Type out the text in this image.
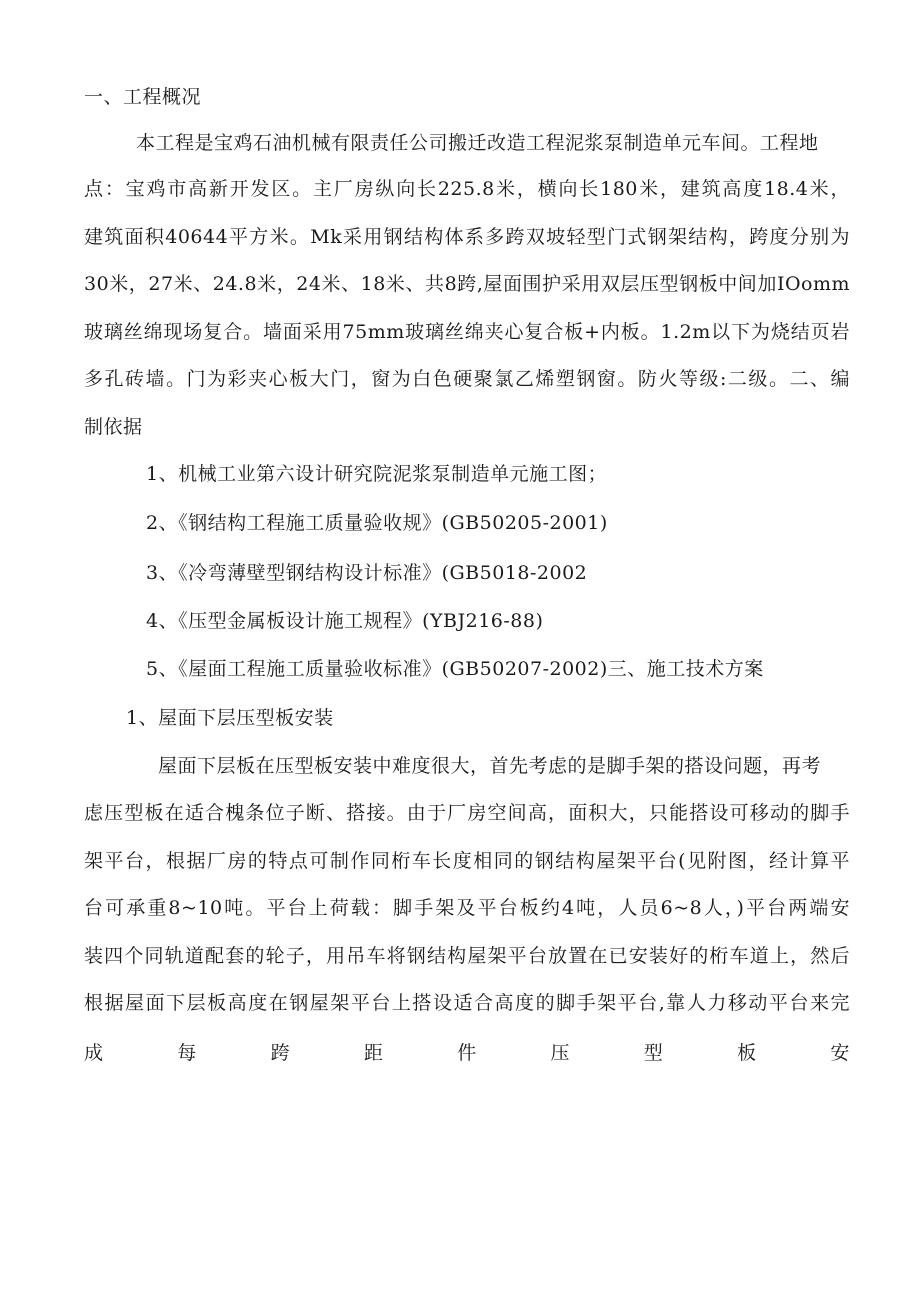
一、工程概况
本工程是宝鸡石油机械有限责任公司搬迁改造工程泥浆泵制造单元车间。工程地
点：宝鸡市高新开发区。主厂房纵向长225.8米，横向长180米，建筑高度18.4米，
建筑面积40644平方米。Mk采用钢结构体系多跨双坡轻型门式钢架结构，跨度分别为
30米，27米、24.8米，24米、18米、共8跨,屋面围护采用双层压型钢板中间加IOomm
玻璃丝绵现场复合。墙面采用75mm玻璃丝绵夹心复合板+内板。1.2m以下为烧结页岩
多孔砖墙。门为彩夹心板大门，窗为白色硬聚氯乙烯塑钢窗。防火等级:二级。二、编
制依据
1、机械工业第六设计研究院泥浆泵制造单元施工图；
2、《钢结构工程施工质量验收规》(GB50205-2001)
3、《冷弯薄壁型钢结构设计标准》(GB5018-2002
4、《压型金属板设计施工规程》(YBJ216-88)
5、《屋面工程施工质量验收标准》(GB50207-2002)三、施工技术方案
1、屋面下层压型板安装
屋面下层板在压型板安装中难度很大，首先考虑的是脚手架的搭设问题，再考
虑压型板在适合槐条位子断、搭接。由于厂房空间高，面积大，只能搭设可移动的脚手
架平台，根据厂房的特点可制作同桁车长度相同的钢结构屋架平台(见附图，经计算平
台可承重8~10吨。平台上荷载：脚手架及平台板约4吨，人员6~8人，)平台两端安
装四个同轨道配套的轮子，用吊车将钢结构屋架平台放置在已安装好的桁车道上，然后
根据屋面下层板高度在钢屋架平台上搭设适合高度的脚手架平台,靠人力移动平台来完
成	每	跨	距	件	压	型	板	安
